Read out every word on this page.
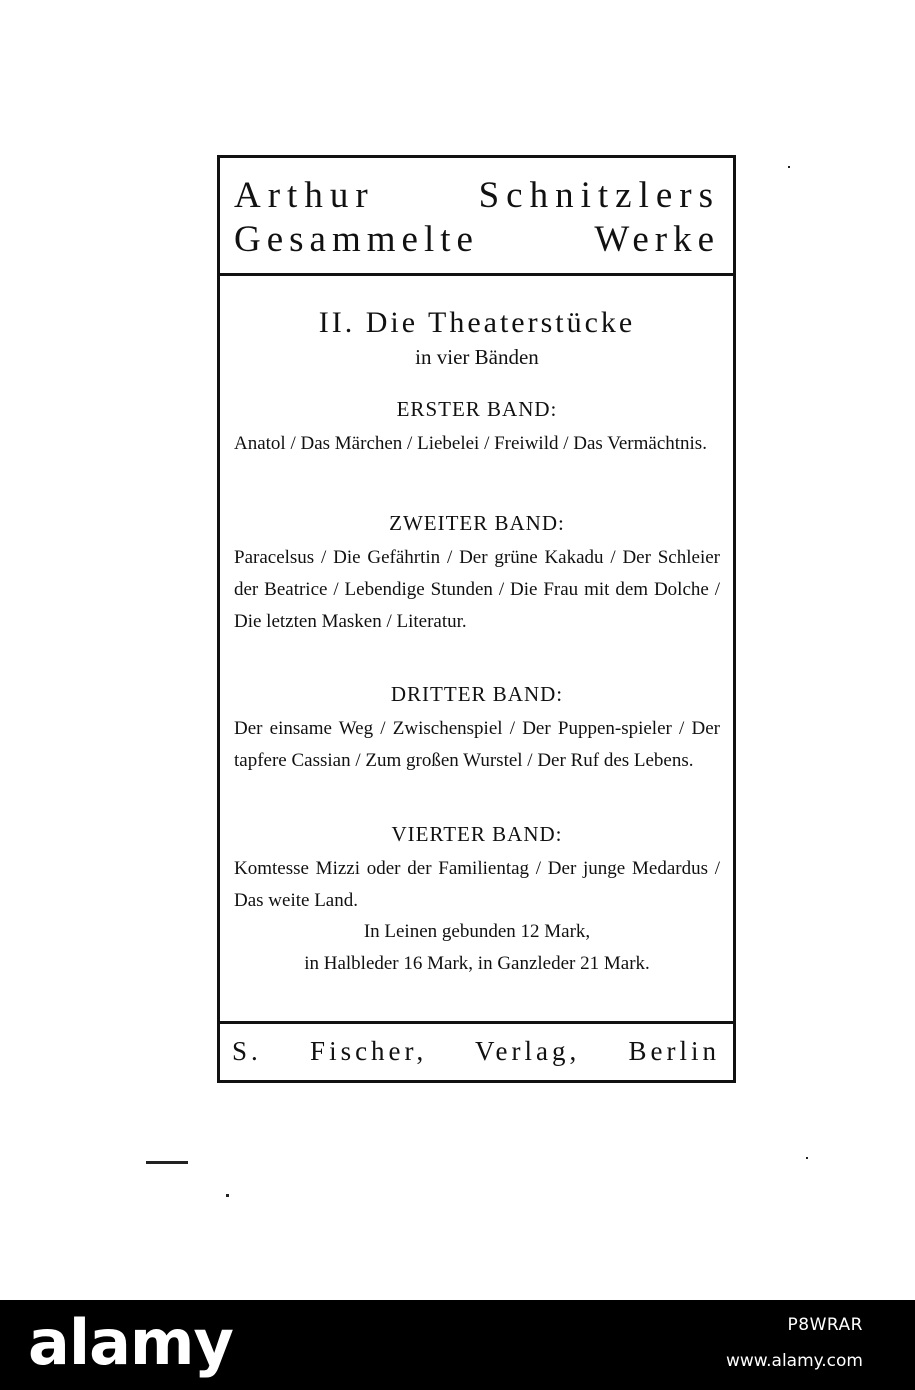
Arthur Schnitzlers
Gesammelte Werke
II. Die Theaterstücke
in vier Bänden
ERSTER BAND:
Anatol / Das Märchen / Liebelei / Freiwild / Das Vermächtnis.
ZWEITER BAND:
Paracelsus / Die Gefährtin / Der grüne Kakadu / Der Schleier der Beatrice / Lebendige Stunden / Die Frau mit dem Dolche / Die letzten Masken / Literatur.
DRITTER BAND:
Der einsame Weg / Zwischenspiel / Der Puppen-spieler / Der tapfere Cassian / Zum großen Wurstel / Der Ruf des Lebens.
VIERTER BAND:
Komtesse Mizzi oder der Familientag / Der junge Medardus / Das weite Land.
In Leinen gebunden 12 Mark,
in Halbleder 16 Mark, in Ganzleder 21 Mark.
S. Fischer, Verlag, Berlin
alamy	P8WRAR
www.alamy.com
